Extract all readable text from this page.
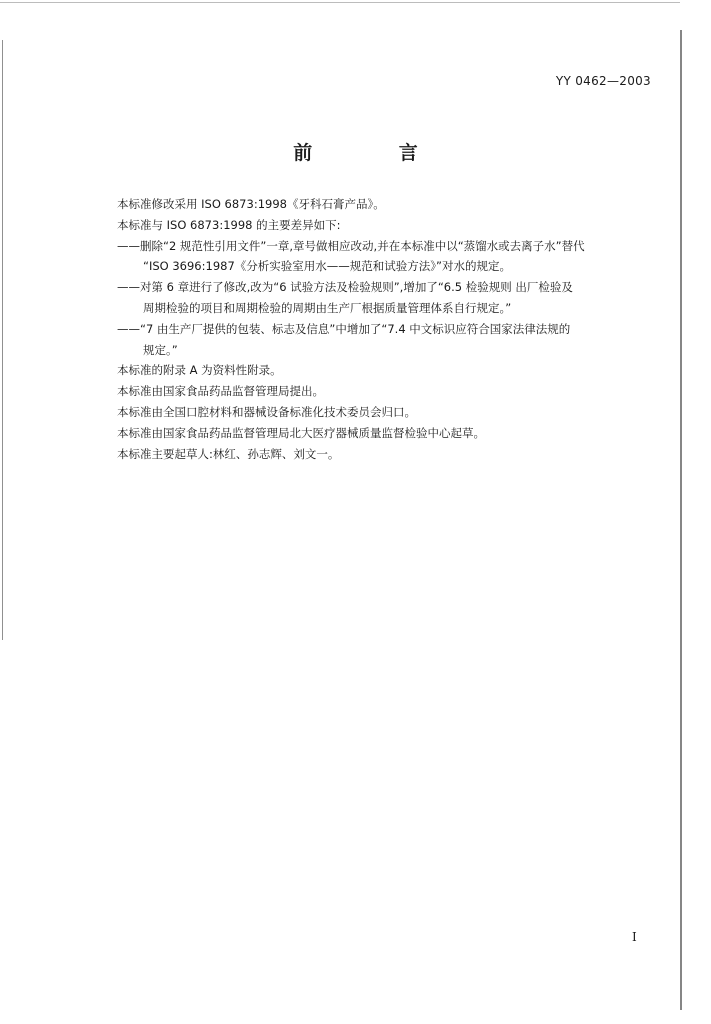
YY 0462—2003
前 言

本标准修改采用 ISO 6873:1998《牙科石膏产品》。

本标准与 ISO 6873:1998 的主要差异如下:

——删除“2 规范性引用文件”一章,章号做相应改动,并在本标准中以“蒸馏水或去离子水”替代

“ISO 3696:1987《分析实验室用水——规范和试验方法》”对水的规定。

——对第 6 章进行了修改,改为“6 试验方法及检验规则”,增加了“6.5 检验规则 出厂检验及

周期检验的项目和周期检验的周期由生产厂根据质量管理体系自行规定。”

——“7 由生产厂提供的包装、标志及信息”中增加了“7.4 中文标识应符合国家法律法规的

规定。”

本标准的附录 A 为资料性附录。

本标准由国家食品药品监督管理局提出。

本标准由全国口腔材料和器械设备标准化技术委员会归口。

本标准由国家食品药品监督管理局北大医疗器械质量监督检验中心起草。

本标准主要起草人:林红、孙志辉、刘文一。

I
